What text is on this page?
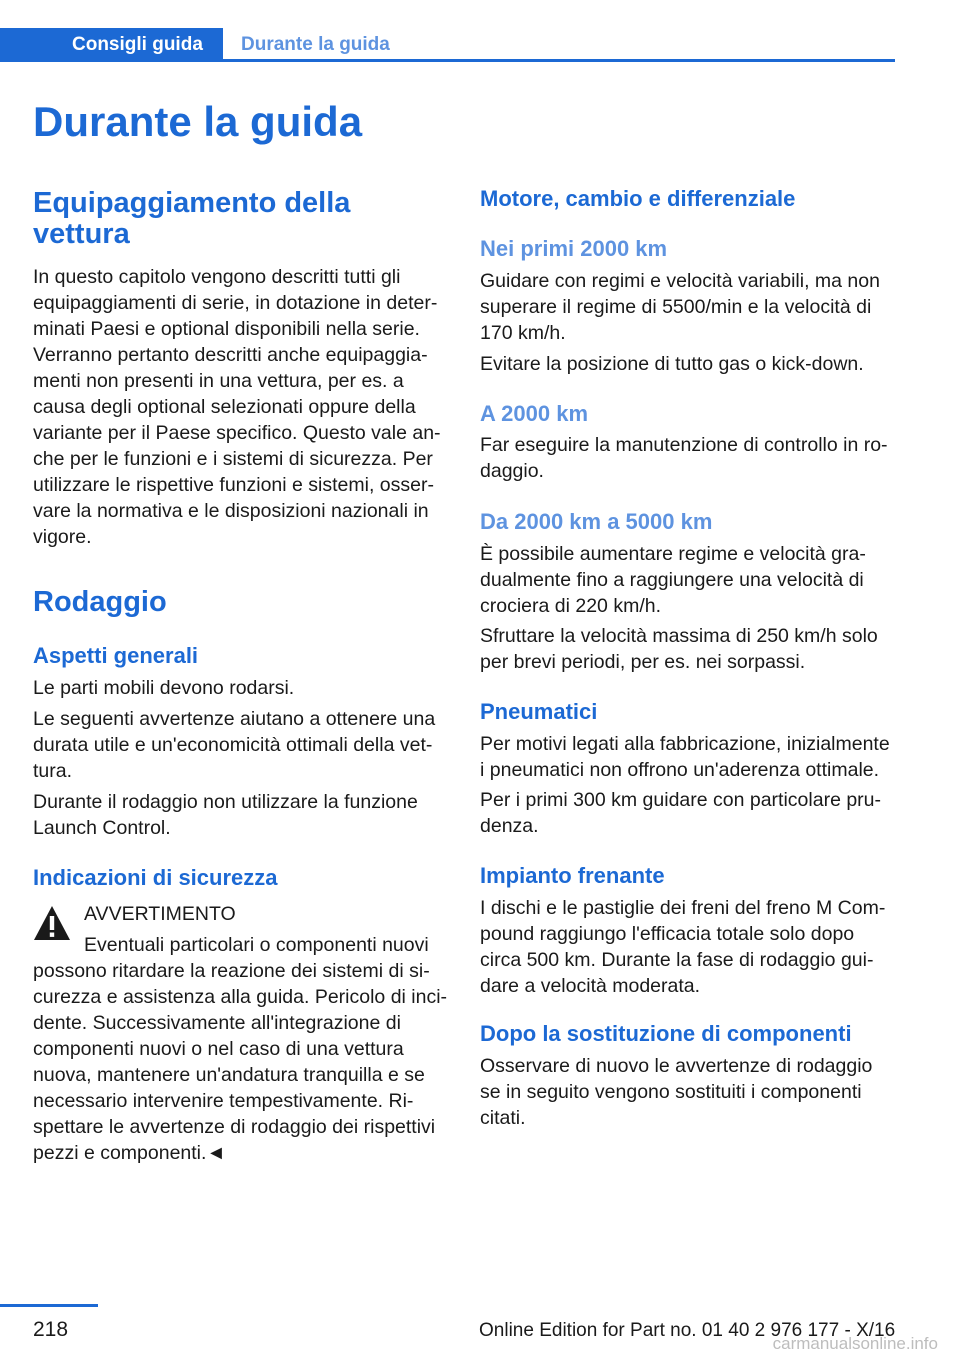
Consigli guida	Durante la guida
Durante la guida
Equipaggiamento della vettura
In questo capitolo vengono descritti tutti gli
equipaggiamenti di serie, in dotazione in deter‐
minati Paesi e optional disponibili nella serie.
Verranno pertanto descritti anche equipaggia‐
menti non presenti in una vettura, per es. a
causa degli optional selezionati oppure della
variante per il Paese specifico. Questo vale an‐
che per le funzioni e i sistemi di sicurezza. Per
utilizzare le rispettive funzioni e sistemi, osser‐
vare la normativa e le disposizioni nazionali in
vigore.
Rodaggio
Aspetti generali
Le parti mobili devono rodarsi.
Le seguenti avvertenze aiutano a ottenere una
durata utile e un'economicità ottimali della vet‐
tura.
Durante il rodaggio non utilizzare la funzione
Launch Control.
Indicazioni di sicurezza
AVVERTIMENTO
Eventuali particolari o componenti nuovi
possono ritardare la reazione dei sistemi di si‐
curezza e assistenza alla guida. Pericolo di inci‐
dente. Successivamente all'integrazione di
componenti nuovi o nel caso di una vettura
nuova, mantenere un'andatura tranquilla e se
necessario intervenire tempestivamente. Ri‐
spettare le avvertenze di rodaggio dei rispettivi
pezzi e componenti.◄
Motore, cambio e differenziale
Nei primi 2000 km
Guidare con regimi e velocità variabili, ma non
superare il regime di 5500/min e la velocità di
170 km/h.
Evitare la posizione di tutto gas o kick-down.
A 2000 km
Far eseguire la manutenzione di controllo in ro‐
daggio.
Da 2000 km a 5000 km
È possibile aumentare regime e velocità gra‐
dualmente fino a raggiungere una velocità di
crociera di 220 km/h.
Sfruttare la velocità massima di 250 km/h solo
per brevi periodi, per es. nei sorpassi.
Pneumatici
Per motivi legati alla fabbricazione, inizialmente
i pneumatici non offrono un'aderenza ottimale.
Per i primi 300 km guidare con particolare pru‐
denza.
Impianto frenante
I dischi e le pastiglie dei freni del freno M Com‐
pound raggiungo l'efficacia totale solo dopo
circa 500 km. Durante la fase di rodaggio gui‐
dare a velocità moderata.
Dopo la sostituzione di componenti
Osservare di nuovo le avvertenze di rodaggio
se in seguito vengono sostituiti i componenti
citati.
218	Online Edition for Part no. 01 40 2 976 177 - X/16
carmanualsonline.info
